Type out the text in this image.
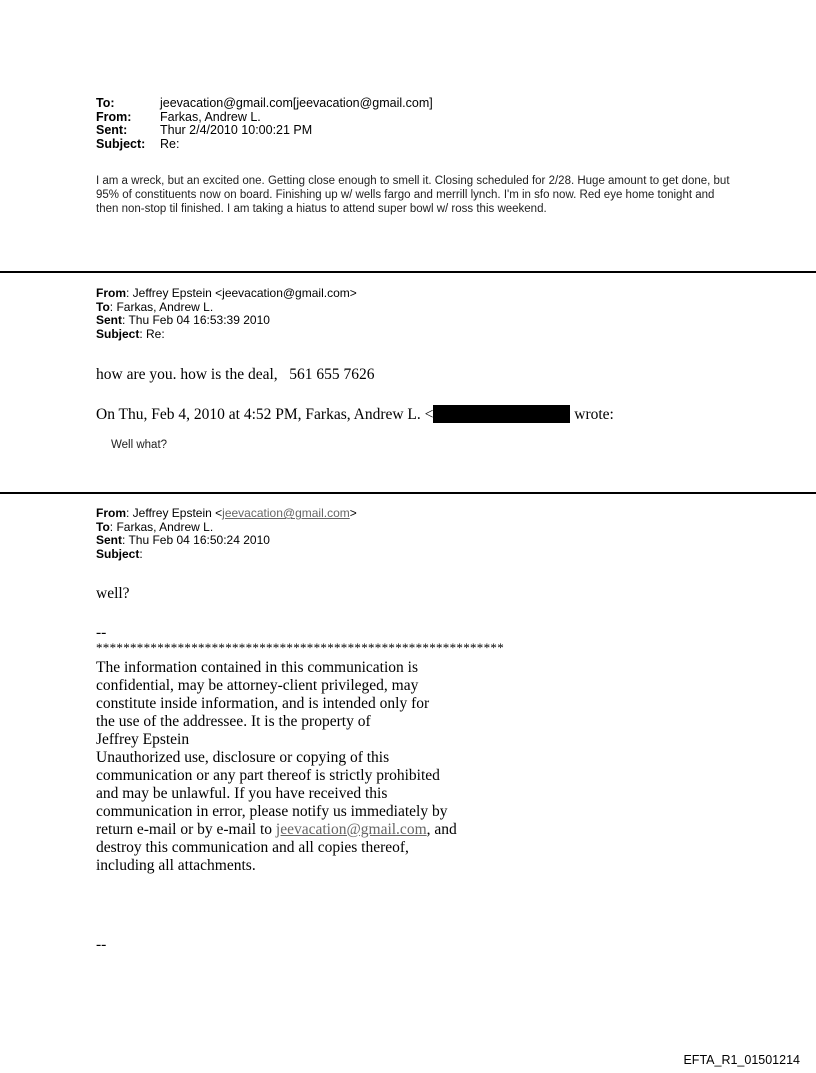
To:	jeevacation@gmail.com[jeevacation@gmail.com]
From:	Farkas, Andrew L.
Sent:	Thur 2/4/2010 10:00:21 PM
Subject:	Re:
I am a wreck, but an excited one. Getting close enough to smell it. Closing scheduled for 2/28. Huge amount to get done, but 95% of constituents now on board. Finishing up w/ wells fargo and merrill lynch. I'm in sfo now. Red eye home tonight and then non-stop til finished. I am taking a hiatus to attend super bowl w/ ross this weekend.
From: Jeffrey Epstein <jeevacation@gmail.com>
To: Farkas, Andrew L.
Sent: Thu Feb 04 16:53:39 2010
Subject: Re:
how are you. how is the deal,   561 655 7626
On Thu, Feb 4, 2010 at 4:52 PM, Farkas, Andrew L. <	wrote:
Well what?
From: Jeffrey Epstein <jeevacation@gmail.com>
To: Farkas, Andrew L.
Sent: Thu Feb 04 16:50:24 2010
Subject:
well?
--
************************************************************
The information contained in this communication is
confidential, may be attorney-client privileged, may
constitute inside information, and is intended only for
the use of the addressee. It is the property of
Jeffrey Epstein
Unauthorized use, disclosure or copying of this
communication or any part thereof is strictly prohibited
and may be unlawful. If you have received this
communication in error, please notify us immediately by
return e-mail or by e-mail to jeevacation@gmail.com, and
destroy this communication and all copies thereof,
including all attachments.
--
EFTA_R1_01501214
